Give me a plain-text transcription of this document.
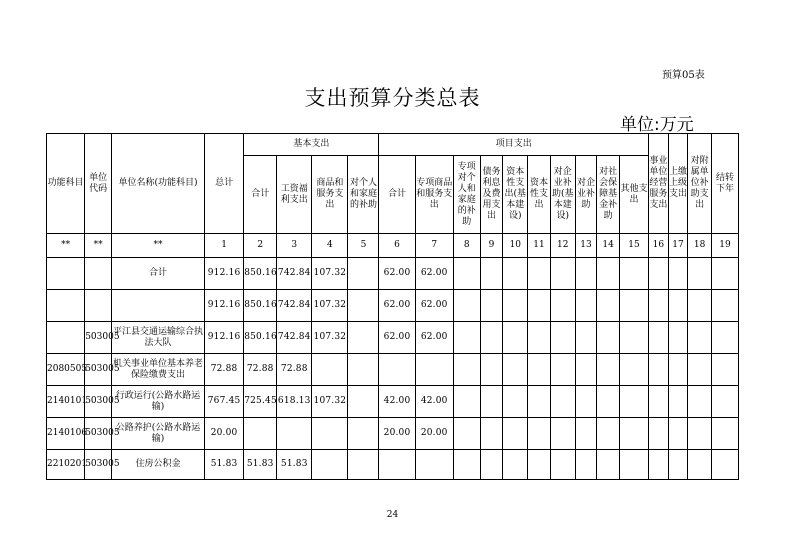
预算05表
支出预算分类总表
单位:万元
功能科目	单位代码	单位名称(功能科目)	总计	基本支出				项目支出										事业单位经营服务支出	上缴上级支出	对附属单位补助支出	结转下年
				合计	工资福利支出	商品和服务支出	对个人和家庭的补助	合计	专项商品和服务支出	专项对个人和家庭的补助	债务利息及费用支出	资本性支出(基本建设)	资本性支出	对企业补助(基本建设)	对企业补助	对社会保障基金补助	其他支出				
**	**	**	1	2	3	4	5	6	7	8	9	10	11	12	13	14	15	16	17	18	19
		合计	912.16	850.16	742.84	107.32		62.00	62.00												
			912.16	850.16	742.84	107.32		62.00	62.00												
	503005	平江县交通运输综合执法大队	912.16	850.16	742.84	107.32		62.00	62.00												
2080505	503005	机关事业单位基本养老保险缴费支出	72.88	72.88	72.88																
2140101	503005	行政运行(公路水路运输)	767.45	725.45	618.13	107.32		42.00	42.00												
2140106	503005	公路养护(公路水路运输)	20.00					20.00	20.00												
2210201	503005	住房公积金	51.83	51.83	51.83																
24
